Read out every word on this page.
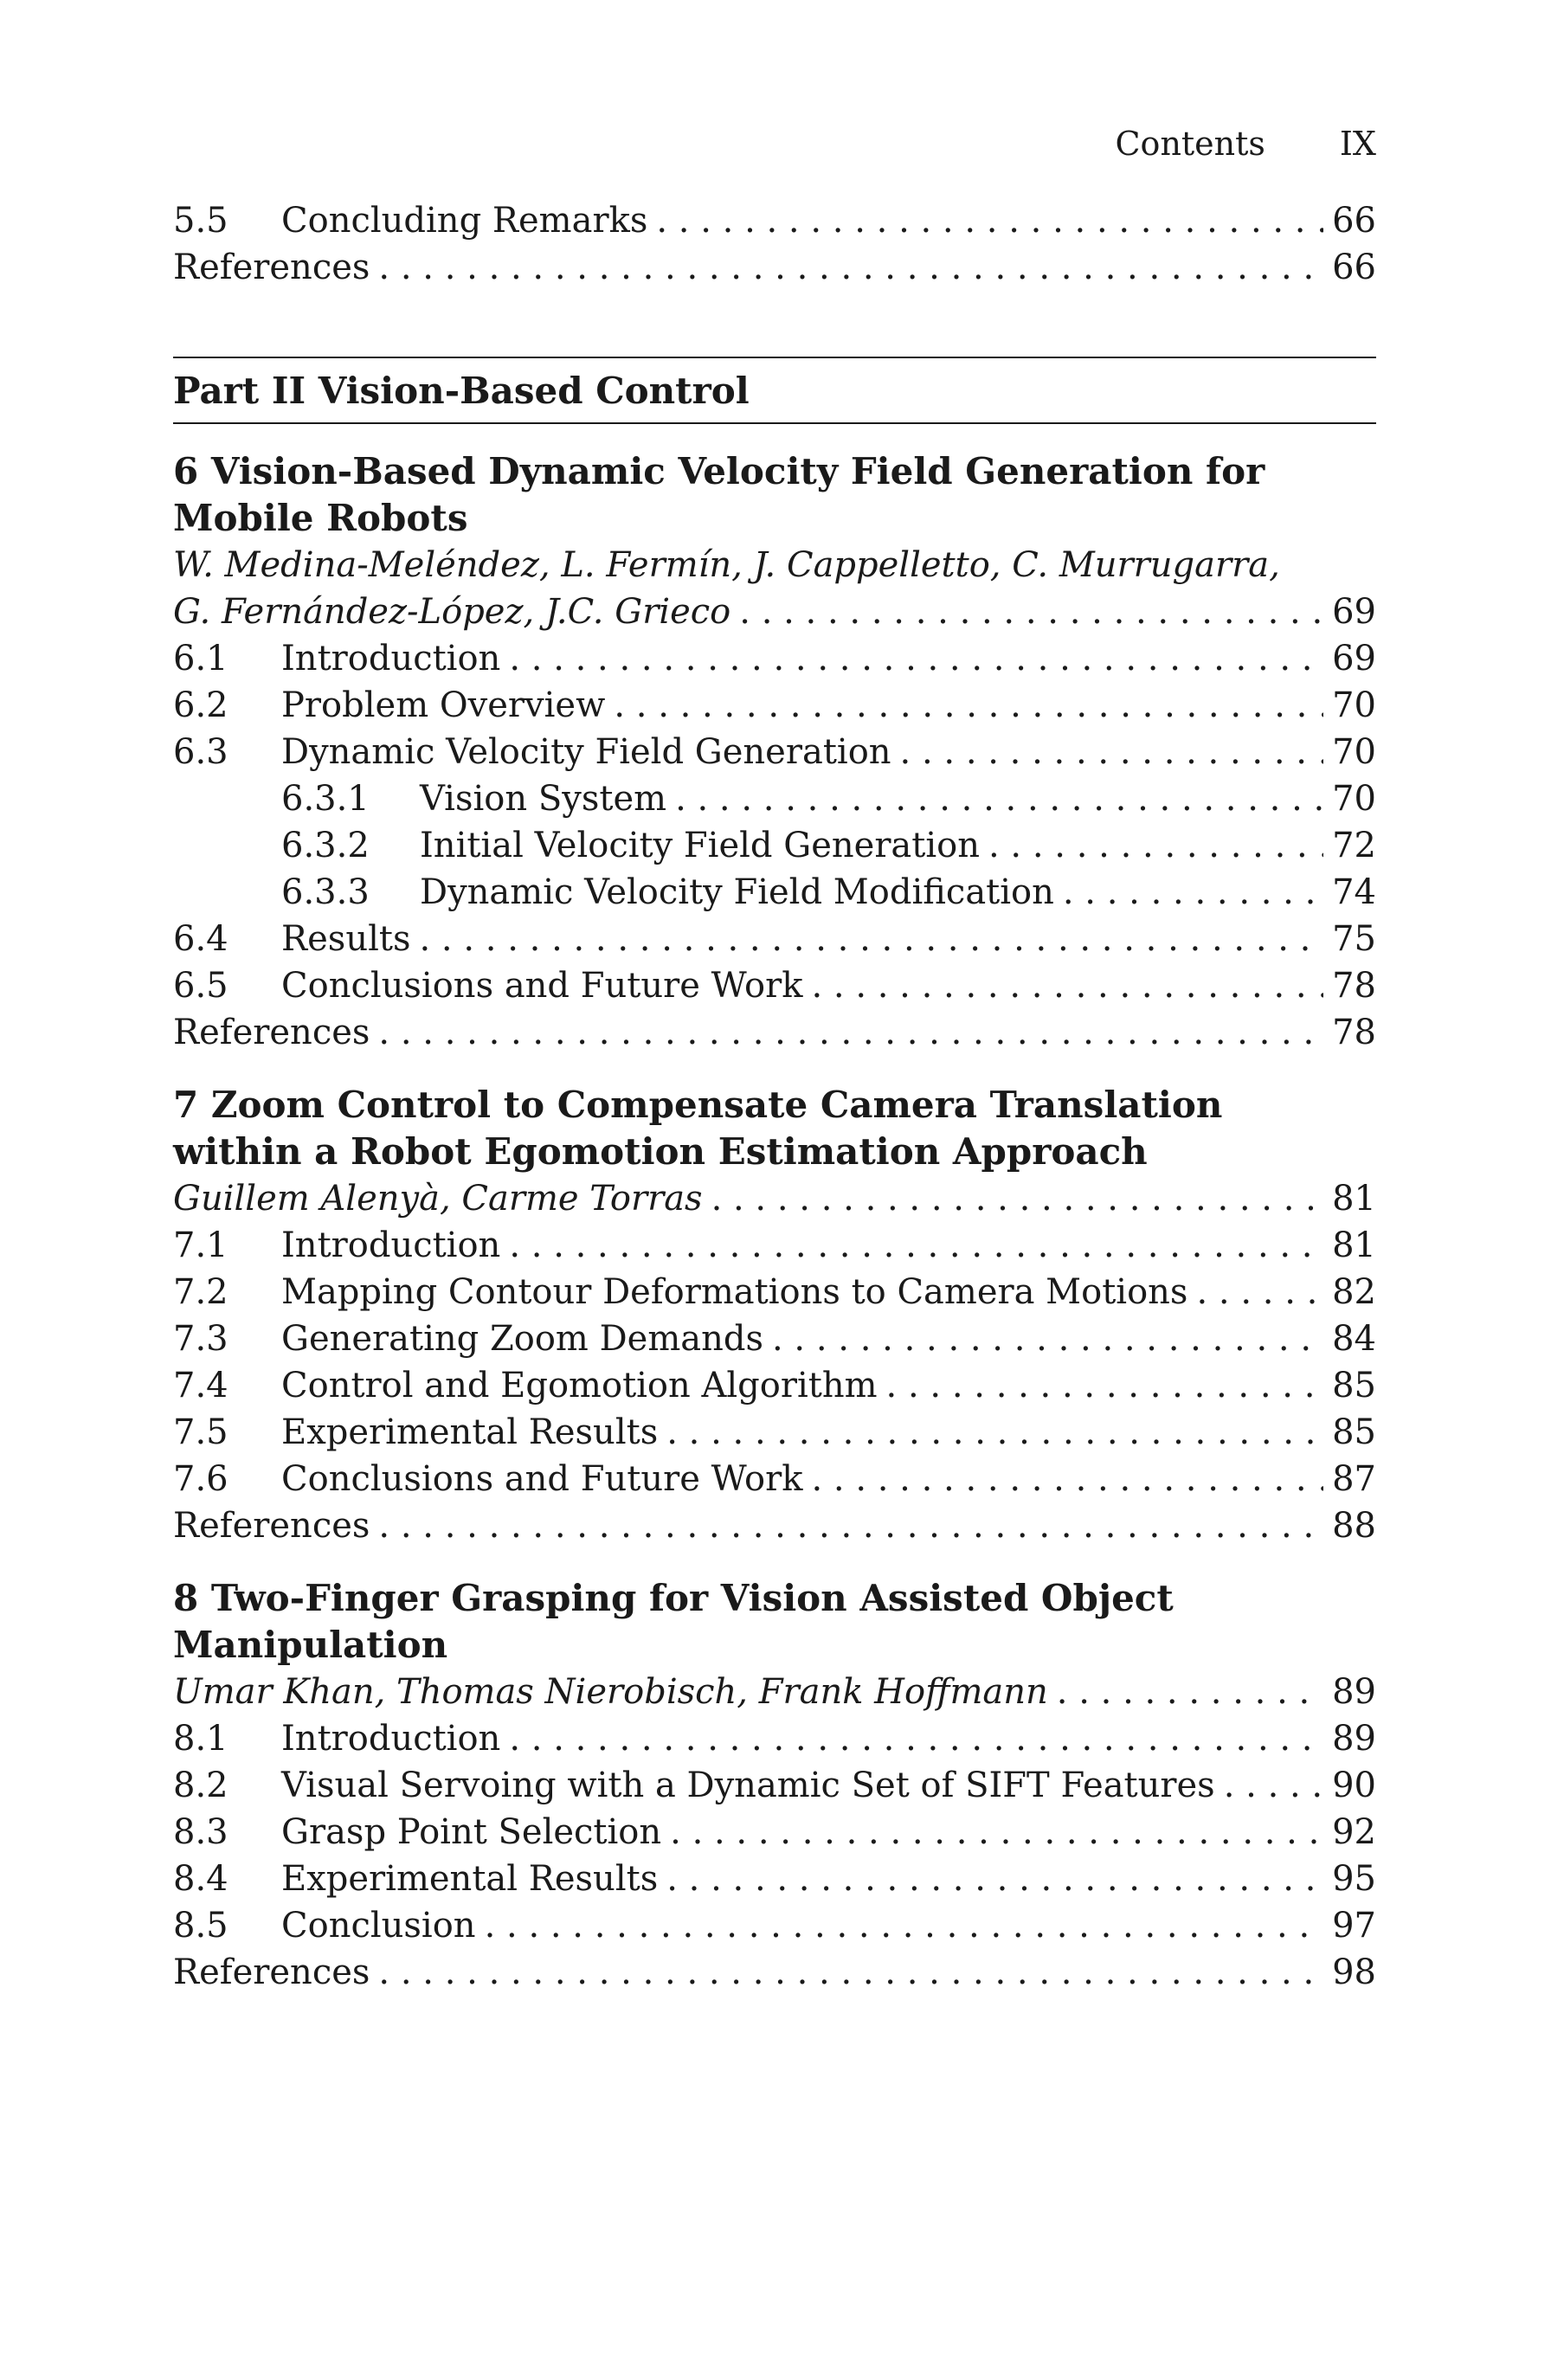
Contents IX
5.5	Concluding Remarks . . .	66
References . . .	66
Part II Vision-Based Control
6 Vision-Based Dynamic Velocity Field Generation for
Mobile Robots
W. Medina-Meléndez, L. Fermín, J. Cappelletto, C. Murrugarra,
G. Fernández-López, J.C. Grieco . . .	69
6.1	Introduction . . .	69
6.2	Problem Overview . . .	70
6.3	Dynamic Velocity Field Generation . . .	70
6.3.1	Vision System . . .	70
6.3.2	Initial Velocity Field Generation . . .	72
6.3.3	Dynamic Velocity Field Modification . . .	74
6.4	Results . . .	75
6.5	Conclusions and Future Work . . .	78
References . . .	78
7 Zoom Control to Compensate Camera Translation
within a Robot Egomotion Estimation Approach
Guillem Alenyà, Carme Torras . . .	81
7.1	Introduction . . .	81
7.2	Mapping Contour Deformations to Camera Motions . . .	82
7.3	Generating Zoom Demands . . .	84
7.4	Control and Egomotion Algorithm . . .	85
7.5	Experimental Results . . .	85
7.6	Conclusions and Future Work . . .	87
References . . .	88
8 Two-Finger Grasping for Vision Assisted Object
Manipulation
Umar Khan, Thomas Nierobisch, Frank Hoffmann . . .	89
8.1	Introduction . . .	89
8.2	Visual Servoing with a Dynamic Set of SIFT Features . . .	90
8.3	Grasp Point Selection . . .	92
8.4	Experimental Results . . .	95
8.5	Conclusion . . .	97
References . . .	98
